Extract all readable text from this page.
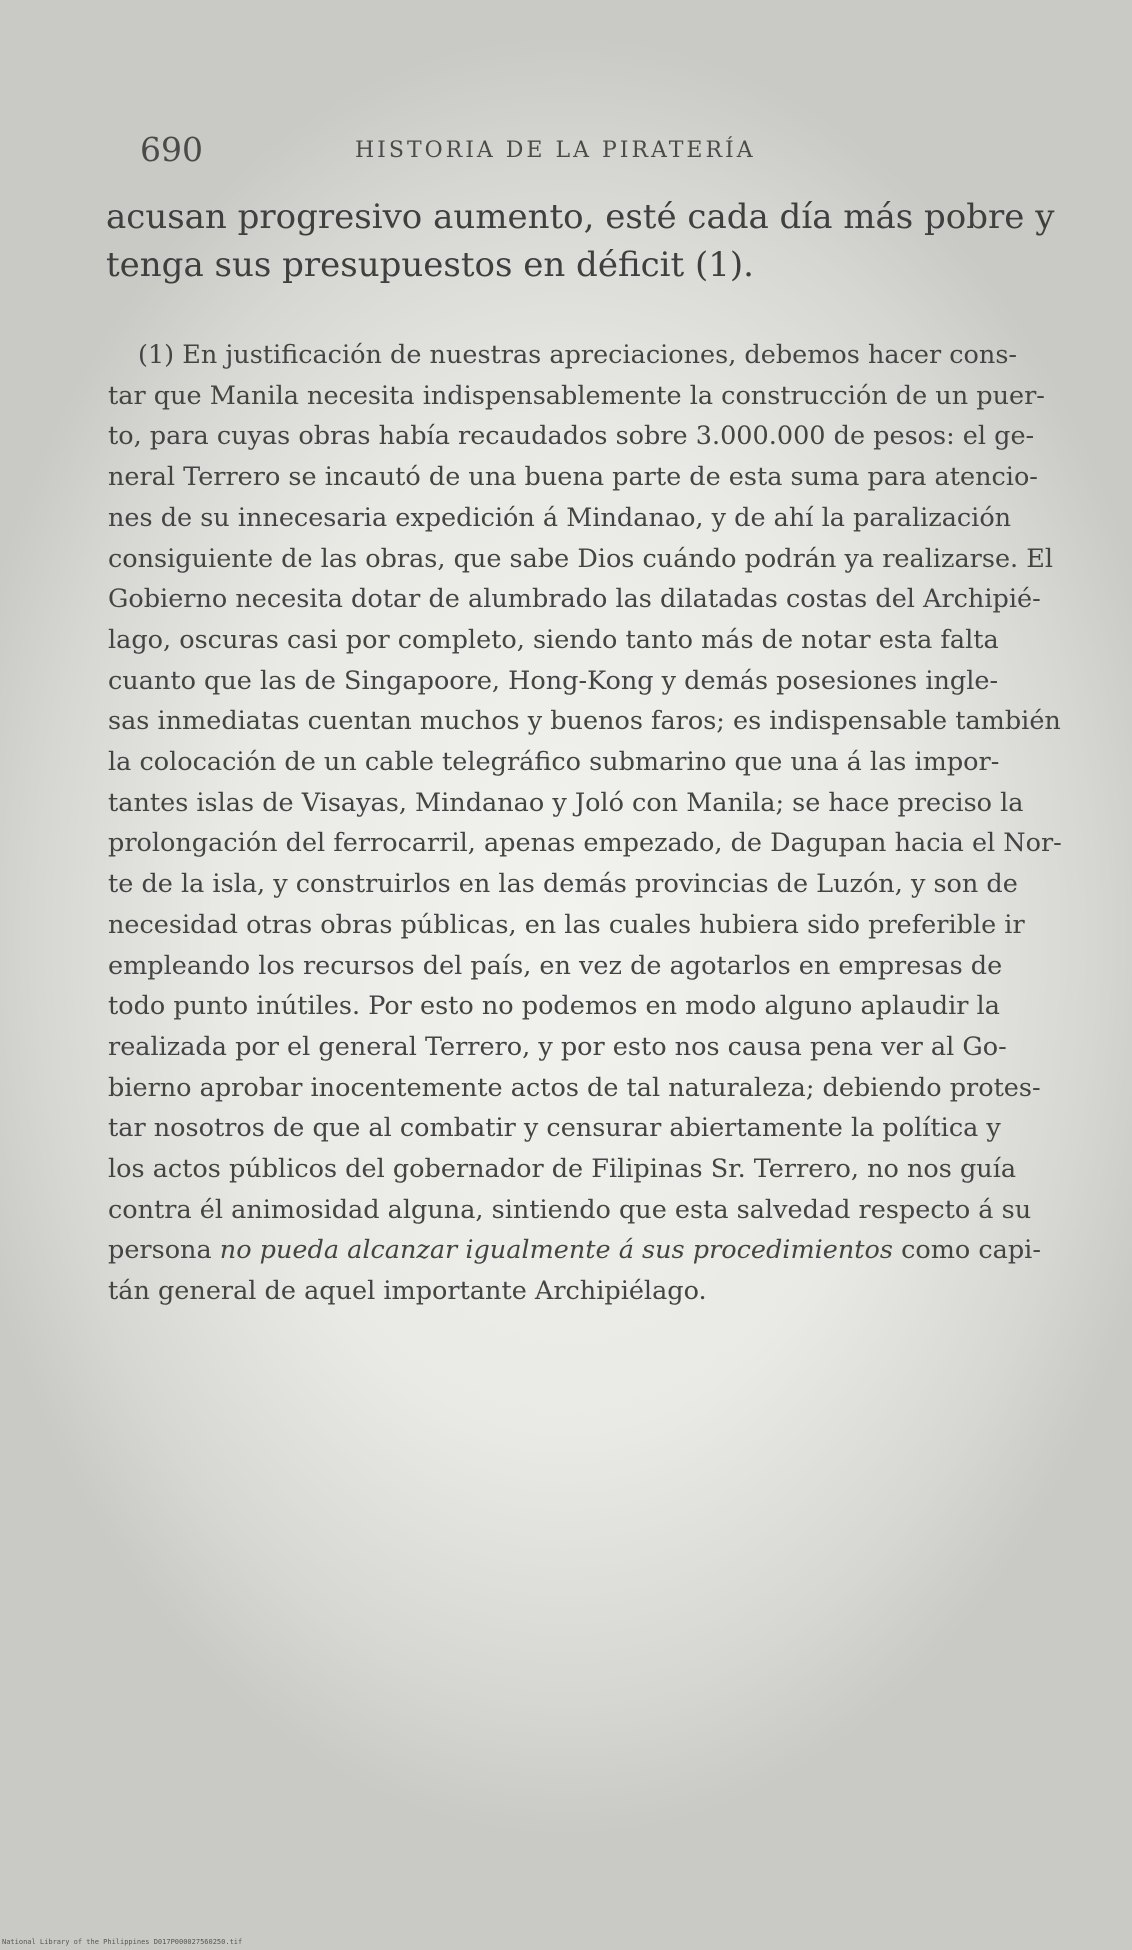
690	HISTORIA DE LA PIRATERÍA
acusan progresivo aumento, esté cada día más pobre y
tenga sus presupuestos en déficit (1).
(1) En justificación de nuestras apreciaciones, debemos hacer cons-
tar que Manila necesita indispensablemente la construcción de un puer-
to, para cuyas obras había recaudados sobre 3.000.000 de pesos: el ge-
neral Terrero se incautó de una buena parte de esta suma para atencio-
nes de su innecesaria expedición á Mindanao, y de ahí la paralización
consiguiente de las obras, que sabe Dios cuándo podrán ya realizarse. El
Gobierno necesita dotar de alumbrado las dilatadas costas del Archipié-
lago, oscuras casi por completo, siendo tanto más de notar esta falta
cuanto que las de Singapoore, Hong-Kong y demás posesiones ingle-
sas inmediatas cuentan muchos y buenos faros; es indispensable también
la colocación de un cable telegráfico submarino que una á las impor-
tantes islas de Visayas, Mindanao y Joló con Manila; se hace preciso la
prolongación del ferrocarril, apenas empezado, de Dagupan hacia el Nor-
te de la isla, y construirlos en las demás provincias de Luzón, y son de
necesidad otras obras públicas, en las cuales hubiera sido preferible ir
empleando los recursos del país, en vez de agotarlos en empresas de
todo punto inútiles. Por esto no podemos en modo alguno aplaudir la
realizada por el general Terrero, y por esto nos causa pena ver al Go-
bierno aprobar inocentemente actos de tal naturaleza; debiendo protes-
tar nosotros de que al combatir y censurar abiertamente la política y
los actos públicos del gobernador de Filipinas Sr. Terrero, no nos guía
contra él animosidad alguna, sintiendo que esta salvedad respecto á su
persona no pueda alcanzar igualmente á sus procedimientos como capi-
tán general de aquel importante Archipiélago.
National Library of the Philippines D017P000027560250.tif
